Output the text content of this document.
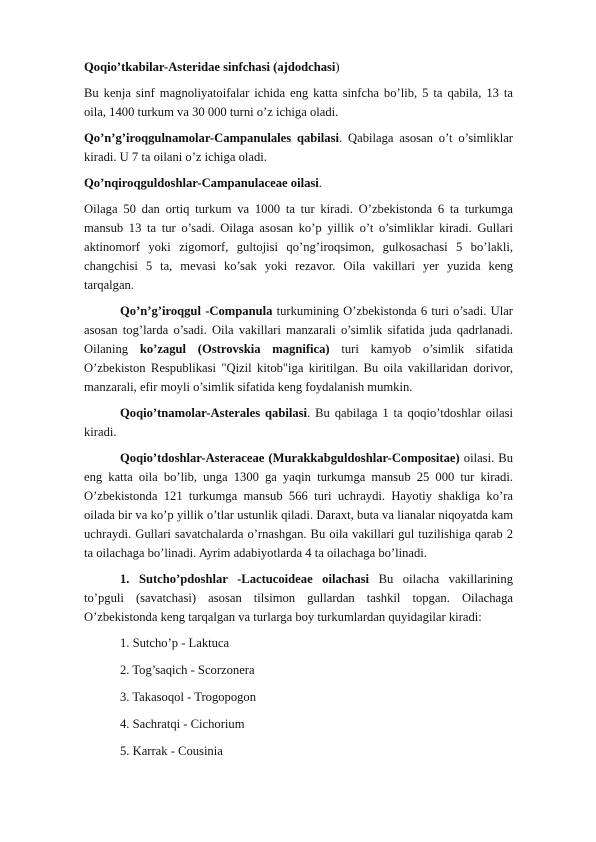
Qoqio’tkabilar-Asteridae sinfchasi (ajdodchasi)

Bu kenja sinf magnoliyatoifalar ichida eng katta sinfcha bo’lib, 5 ta qabila, 13 ta oila, 1400 turkum va 30 000 turni o’z ichiga oladi.

Qo’n’g’iroqgulnamolar-Campanulales qabilasi. Qabilaga asosan o’t o’simliklar kiradi. U 7 ta oilani o’z ichiga oladi.

Qo’nqiroqguldoshlar-Campanulaceae oilasi.

Oilaga 50 dan ortiq turkum va 1000 ta tur kiradi. O’zbekistonda 6 ta turkumga mansub 13 ta tur o’sadi. Oilaga asosan ko’p yillik o’t o’simliklar kiradi. Gullari aktinomorf yoki zigomorf, gultojisi qo’ng’iroqsimon, gulkosachasi 5 bo’lakli, changchisi 5 ta, mevasi ko’sak yoki rezavor. Oila vakillari yer yuzida keng tarqalgan.

Qo’n’g’iroqgul -Companula turkumining O’zbekistonda 6 turi o’sadi. Ular asosan tog’larda o’sadi. Oila vakillari manzarali o’simlik sifatida juda qadrlanadi. Oilaning ko’zagul (Ostrovskia magnifica) turi kamyob o’simlik sifatida O’zbekiston Respublikasi "Qizil kitob"iga kiritilgan. Bu oila vakillaridan dorivor, manzarali, efir moyli o’simlik sifatida keng foydalanish mumkin.

Qoqio’tnamolar-Asterales qabilasi. Bu qabilaga 1 ta qoqio’tdoshlar oilasi kiradi.

Qoqio’tdoshlar-Asteraceae (Murakkabguldoshlar-Compositae) oilasi. Bu eng katta oila bo’lib, unga 1300 ga yaqin turkumga mansub 25 000 tur kiradi. O’zbekistonda 121 turkumga mansub 566 turi uchraydi. Hayotiy shakliga ko’ra oilada bir va ko’p yillik o’tlar ustunlik qiladi. Daraxt, buta va lianalar niqoyatda kam uchraydi. Gullari savatchalarda o’rnashgan. Bu oila vakillari gul tuzilishiga qarab 2 ta oilachaga bo’linadi. Ayrim adabiyotlarda 4 ta oilachaga bo’linadi.

1. Sutcho’pdoshlar -Lactucoideae oilachasi Bu oilacha vakillarining to’pguli (savatchasi) asosan tilsimon gullardan tashkil topgan. Oilachaga O’zbekistonda keng tarqalgan va turlarga boy turkumlardan quyidagilar kiradi:

1. Sutcho’p - Laktuca
2. Tog’saqich - Scorzonera
3. Takasoqol - Trogopogon
4. Sachratqi - Cichorium
5. Karrak - Cousinia
